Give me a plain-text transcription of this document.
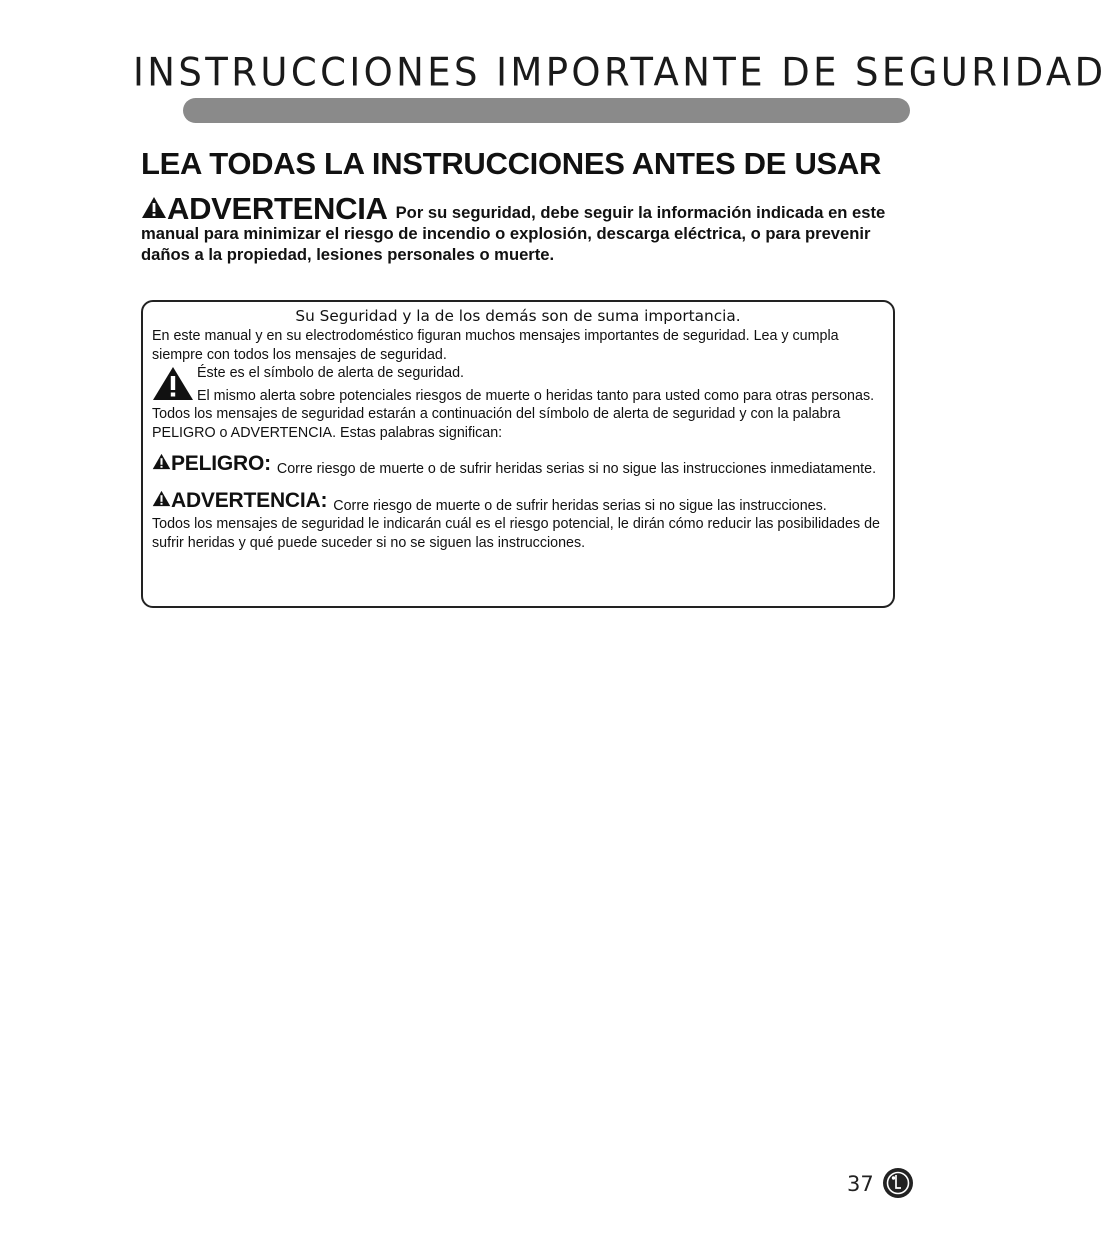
INSTRUCCIONES IMPORTANTE DE SEGURIDAD
LEA TODAS LA INSTRUCCIONES ANTES DE USAR

ADVERTENCIA Por su seguridad, debe seguir la información indicada en este manual para minimizar el riesgo de incendio o explosión, descarga eléctrica, o para prevenir daños a la propiedad, lesiones personales o muerte.

Su Seguridad y la de los demás son de suma importancia.

En este manual y en su electrodoméstico figuran muchos mensajes importantes de seguridad. Lea y cumpla siempre con todos los mensajes de seguridad.

Éste es el símbolo de alerta de seguridad.

El mismo alerta sobre potenciales riesgos de muerte o heridas tanto para usted como para otras personas.

Todos los mensajes de seguridad estarán a continuación del símbolo de alerta de seguridad y con la palabra PELIGRO o ADVERTENCIA. Estas palabras significan:

PELIGRO: Corre riesgo de muerte o de sufrir heridas serias si no sigue las instrucciones inmediatamente.
ADVERTENCIA: Corre riesgo de muerte o de sufrir heridas serias si no sigue las instrucciones.

Todos los mensajes de seguridad le indicarán cuál es el riesgo potencial, le dirán cómo reducir las posibilidades de sufrir heridas y qué puede suceder si no se siguen las instrucciones.

37
LG
